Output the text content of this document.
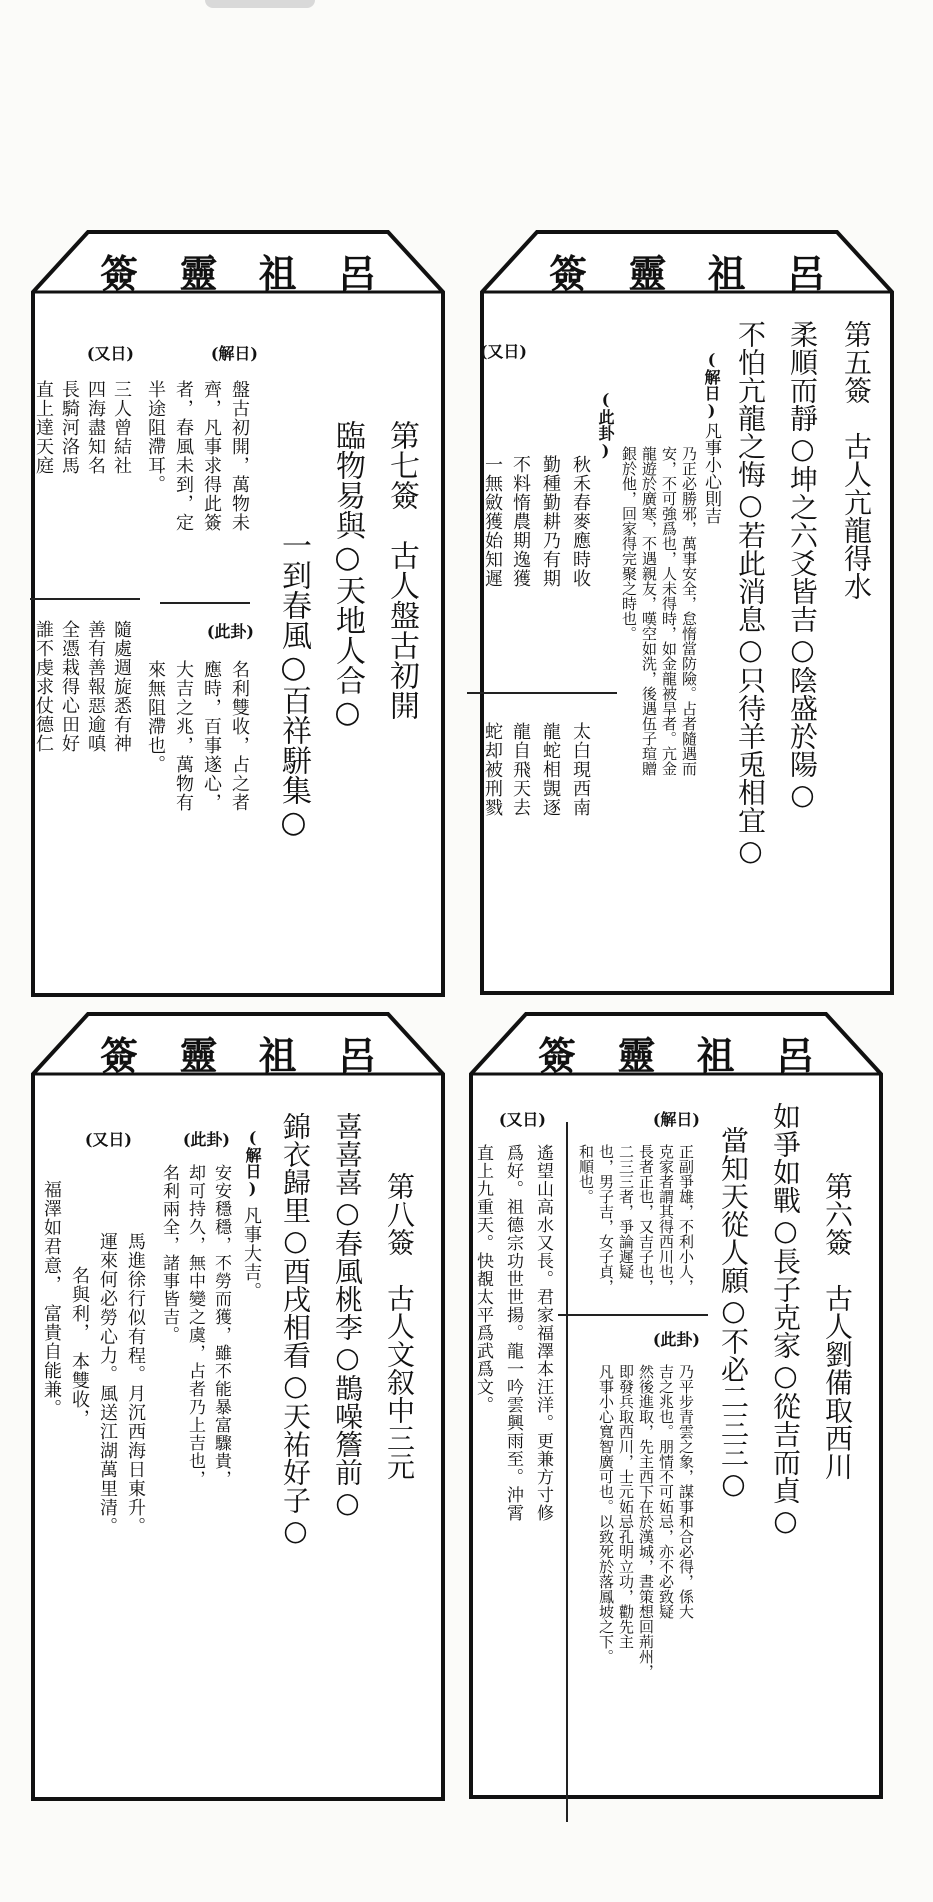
呂
祖
靈
簽
第五簽　古人亢龍得水
柔順而靜○坤之六爻皆吉○陰盛於陽○
不怕亢龍之悔○若此消息○只待羊兎相宜○
(解日)
凡事小心則吉
乃正必勝邪，萬事安全，怠惰當防險。占者隨遇而
安，不可強爲也，人未得時，如金龍被旱者。亢金
龍遊於廣寒，不遇親友，嘆空如洗，後遇伍子瑄贈
銀於他，回家得完聚之時也。
(此卦)
秋禾春麥應時收
勤種勤耕乃有期
不料惰農期逸獲
一無斂獲始知遲
(又日)
太白現西南
龍蛇相覬逐
龍自飛天去
蛇却被刑戮
呂
祖
靈
簽
第七簽　古人盤古初開
臨物易與○天地人合○
一到春風○百祥駢集○
(解日)
盤古初開，萬物未
齊，凡事求得此簽
者，春風未到，定
半途阻滯耳。
(此卦)
名利雙收，占之者
應時，百事遂心，
大吉之兆，萬物有
來無阻滯也。
(又日)
三人曾結社
四海盡知名
長騎河洛馬
直上達天庭
隨處週旋悉有神
善有善報惡逾嗔
全憑栽得心田好
誰不虔求仗德仁
呂
祖
靈
簽
第六簽　古人劉備取西川
如爭如戰○長子克家○從吉而貞○
當知天從人願○不必二三三○
(解日)
正副爭雄，不利小人，
克家者謂其得西川也，
長者正也，又吉子也，
二三三者，爭論遲疑
也，男子吉，女子貞，
和順也。
(此卦)
乃平步青雲之象，謀事和合必得，係大
吉之兆也。朋情不可妬忌，亦不必致疑
然後進取，先主西下在於漢城，晝策想回荊州，
即發兵取西川，士元妬忌孔明立功，勸先主
凡事小心寬智廣可也。以致死於落鳳坡之下。
(又日)
遙望山高水又長。君家福澤本汪洋。更兼方寸修
爲好。祖德宗功世世揚。龍一吟雲興雨至。沖霄
直上九重天。快覩太平爲武爲文。
呂
祖
靈
簽
第八簽　古人文叙中三元
喜喜喜○春風桃李○鵲噪簷前○
錦衣歸里○酉戌相看○天祐好子○
(解日)
凡事大吉。
(此卦)
安安穩穩，不勞而獲，雖不能暴富驟貴，
却可持久，無中變之虞，占者乃上吉也，
名利兩全，諸事皆吉。
(又日)
馬進徐行似有程。月沉西海日東升。
運來何必勞心力。風送江湖萬里清。
名與利，　本雙收，
福澤如君意，　富貴自能兼。
